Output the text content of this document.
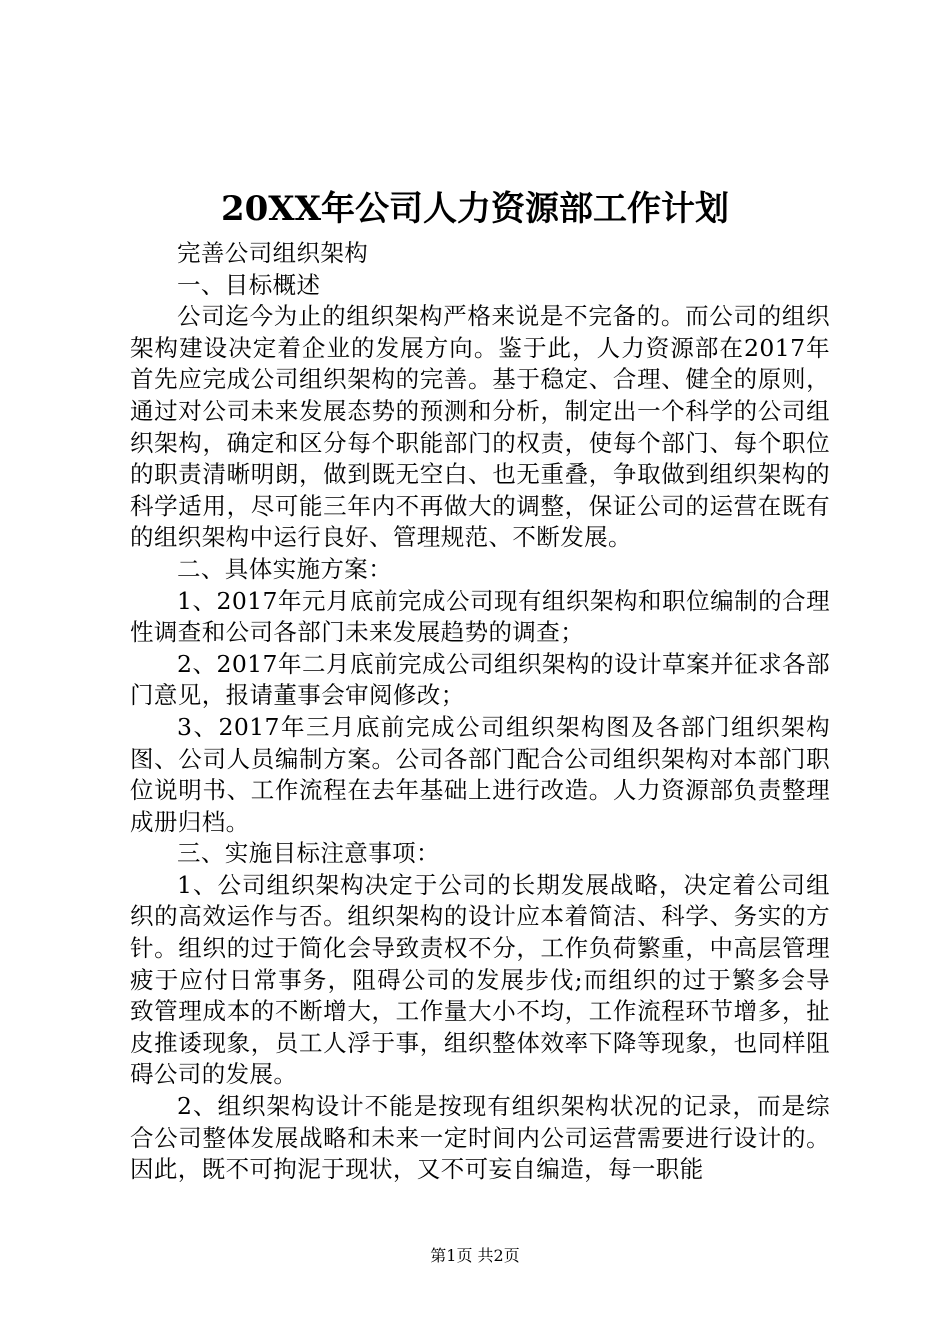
20XX年公司人力资源部工作计划

完善公司组织架构

一、目标概述

公司迄今为止的组织架构严格来说是不完备的。而公司的组织架构建设决定着企业的发展方向。鉴于此，人力资源部在2017年首先应完成公司组织架构的完善。基于稳定、合理、健全的原则，通过对公司未来发展态势的预测和分析，制定出一个科学的公司组织架构，确定和区分每个职能部门的权责，使每个部门、每个职位的职责清晰明朗，做到既无空白、也无重叠，争取做到组织架构的科学适用，尽可能三年内不再做大的调整，保证公司的运营在既有的组织架构中运行良好、管理规范、不断发展。

二、具体实施方案：

1、2017年元月底前完成公司现有组织架构和职位编制的合理性调查和公司各部门未来发展趋势的调查；

2、2017年二月底前完成公司组织架构的设计草案并征求各部门意见，报请董事会审阅修改；

3、2017年三月底前完成公司组织架构图及各部门组织架构图、公司人员编制方案。公司各部门配合公司组织架构对本部门职位说明书、工作流程在去年基础上进行改造。人力资源部负责整理成册归档。

三、实施目标注意事项：

1、公司组织架构决定于公司的长期发展战略，决定着公司组织的高效运作与否。组织架构的设计应本着简洁、科学、务实的方针。组织的过于简化会导致责权不分，工作负荷繁重，中高层管理疲于应付日常事务，阻碍公司的发展步伐;而组织的过于繁多会导致管理成本的不断增大，工作量大小不均，工作流程环节增多，扯皮推诿现象，员工人浮于事，组织整体效率下降等现象，也同样阻碍公司的发展。

2、组织架构设计不能是按现有组织架构状况的记录，而是综合公司整体发展战略和未来一定时间内公司运营需要进行设计的。因此，既不可拘泥于现状，又不可妄自编造，每一职能

第1页 共2页
